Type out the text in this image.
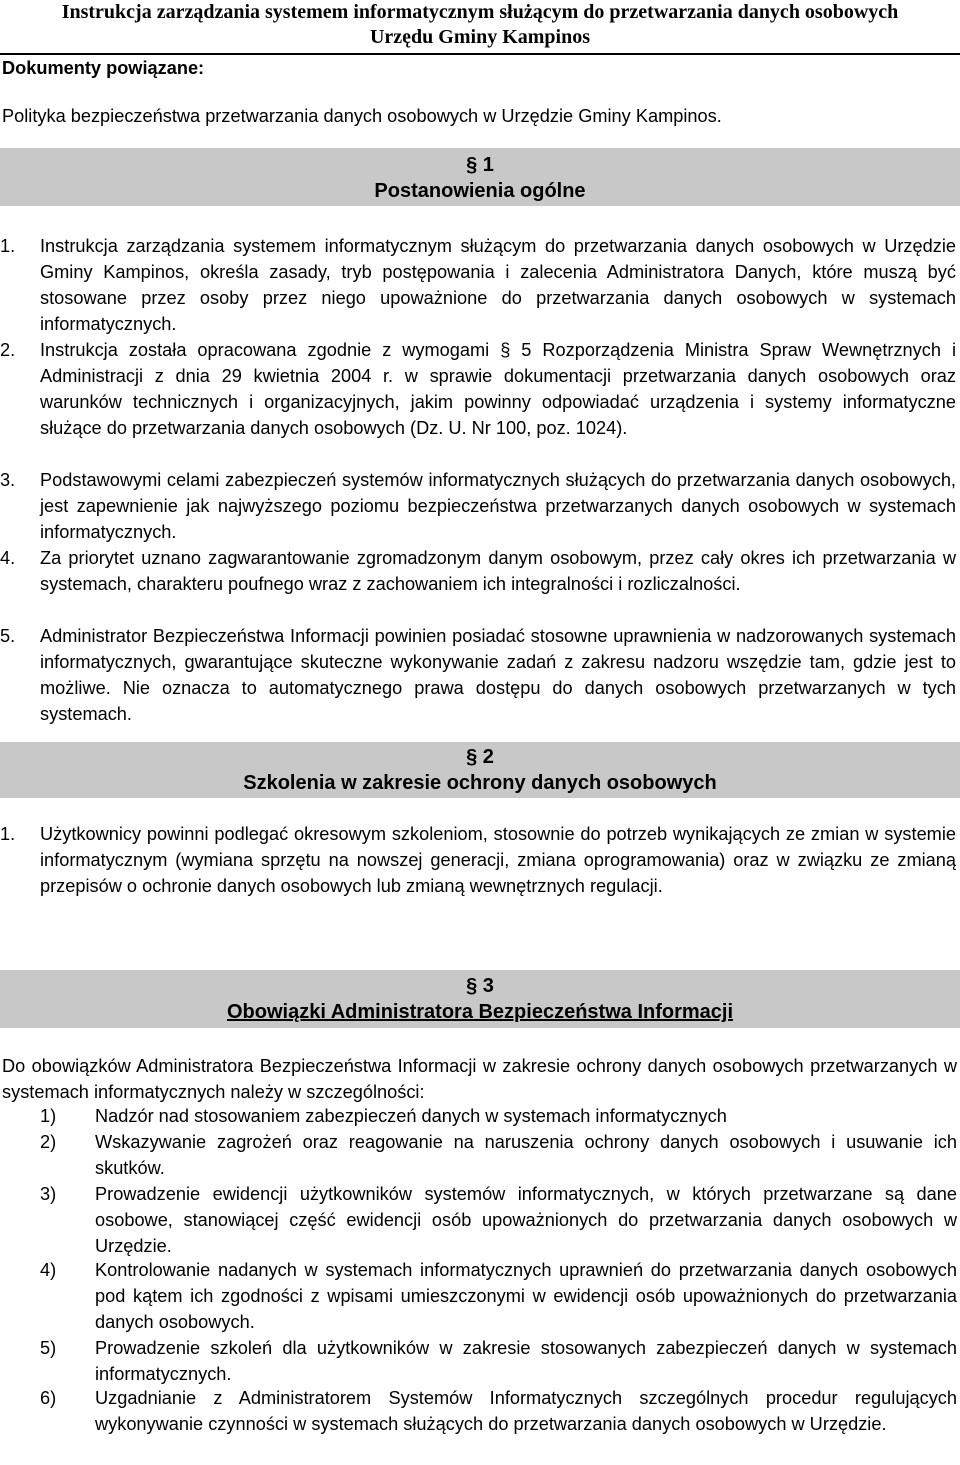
Instrukcja zarządzania systemem informatycznym służącym do przetwarzania danych osobowych
Urzędu Gminy Kampinos
Dokumenty powiązane:
Polityka bezpieczeństwa przetwarzania danych osobowych w Urzędzie Gminy Kampinos.
§ 1
Postanowienia ogólne
1. Instrukcja zarządzania systemem informatycznym służącym do przetwarzania danych osobowych w Urzędzie Gminy Kampinos, określa zasady, tryb postępowania i zalecenia Administratora Danych, które muszą być stosowane przez osoby przez niego upoważnione do przetwarzania danych osobowych w systemach informatycznych.
2. Instrukcja została opracowana zgodnie z wymogami § 5 Rozporządzenia Ministra Spraw Wewnętrznych i Administracji z dnia 29 kwietnia 2004 r. w sprawie dokumentacji przetwarzania danych osobowych oraz warunków technicznych i organizacyjnych, jakim powinny odpowiadać urządzenia i systemy informatyczne służące do przetwarzania danych osobowych (Dz. U. Nr 100, poz. 1024).
3. Podstawowymi celami zabezpieczeń systemów informatycznych służących do przetwarzania danych osobowych, jest zapewnienie jak najwyższego poziomu bezpieczeństwa przetwarzanych danych osobowych w systemach informatycznych.
4. Za priorytet uznano zagwarantowanie zgromadzonym danym osobowym, przez cały okres ich przetwarzania w systemach, charakteru poufnego wraz z zachowaniem ich integralności i rozliczalności.
5. Administrator Bezpieczeństwa Informacji powinien posiadać stosowne uprawnienia w nadzorowanych systemach informatycznych, gwarantujące skuteczne wykonywanie zadań z zakresu nadzoru wszędzie tam, gdzie jest to możliwe. Nie oznacza to automatycznego prawa dostępu do danych osobowych przetwarzanych w tych systemach.
§ 2
Szkolenia w zakresie ochrony danych osobowych
1. Użytkownicy powinni podlegać okresowym szkoleniom, stosownie do potrzeb wynikających ze zmian w systemie informatycznym (wymiana sprzętu na nowszej generacji, zmiana oprogramowania) oraz w związku ze zmianą przepisów o ochronie danych osobowych lub zmianą wewnętrznych regulacji.
§ 3
Obowiązki Administratora Bezpieczeństwa Informacji
Do obowiązków Administratora Bezpieczeństwa Informacji w zakresie ochrony danych osobowych przetwarzanych w systemach informatycznych należy w szczególności:
1) Nadzór nad stosowaniem zabezpieczeń danych w systemach informatycznych
2) Wskazywanie zagrożeń oraz reagowanie na naruszenia ochrony danych osobowych i usuwanie ich skutków.
3) Prowadzenie ewidencji użytkowników systemów informatycznych, w których przetwarzane są dane osobowe, stanowiącej część ewidencji osób upoważnionych do przetwarzania danych osobowych w Urzędzie.
4) Kontrolowanie nadanych w systemach informatycznych uprawnień do przetwarzania danych osobowych pod kątem ich zgodności z wpisami umieszczonymi w ewidencji osób upoważnionych do przetwarzania danych osobowych.
5) Prowadzenie szkoleń dla użytkowników w zakresie stosowanych zabezpieczeń danych w systemach informatycznych.
6) Uzgadnianie z Administratorem Systemów Informatycznych szczególnych procedur regulujących wykonywanie czynności w systemach służących do przetwarzania danych osobowych w Urzędzie.
